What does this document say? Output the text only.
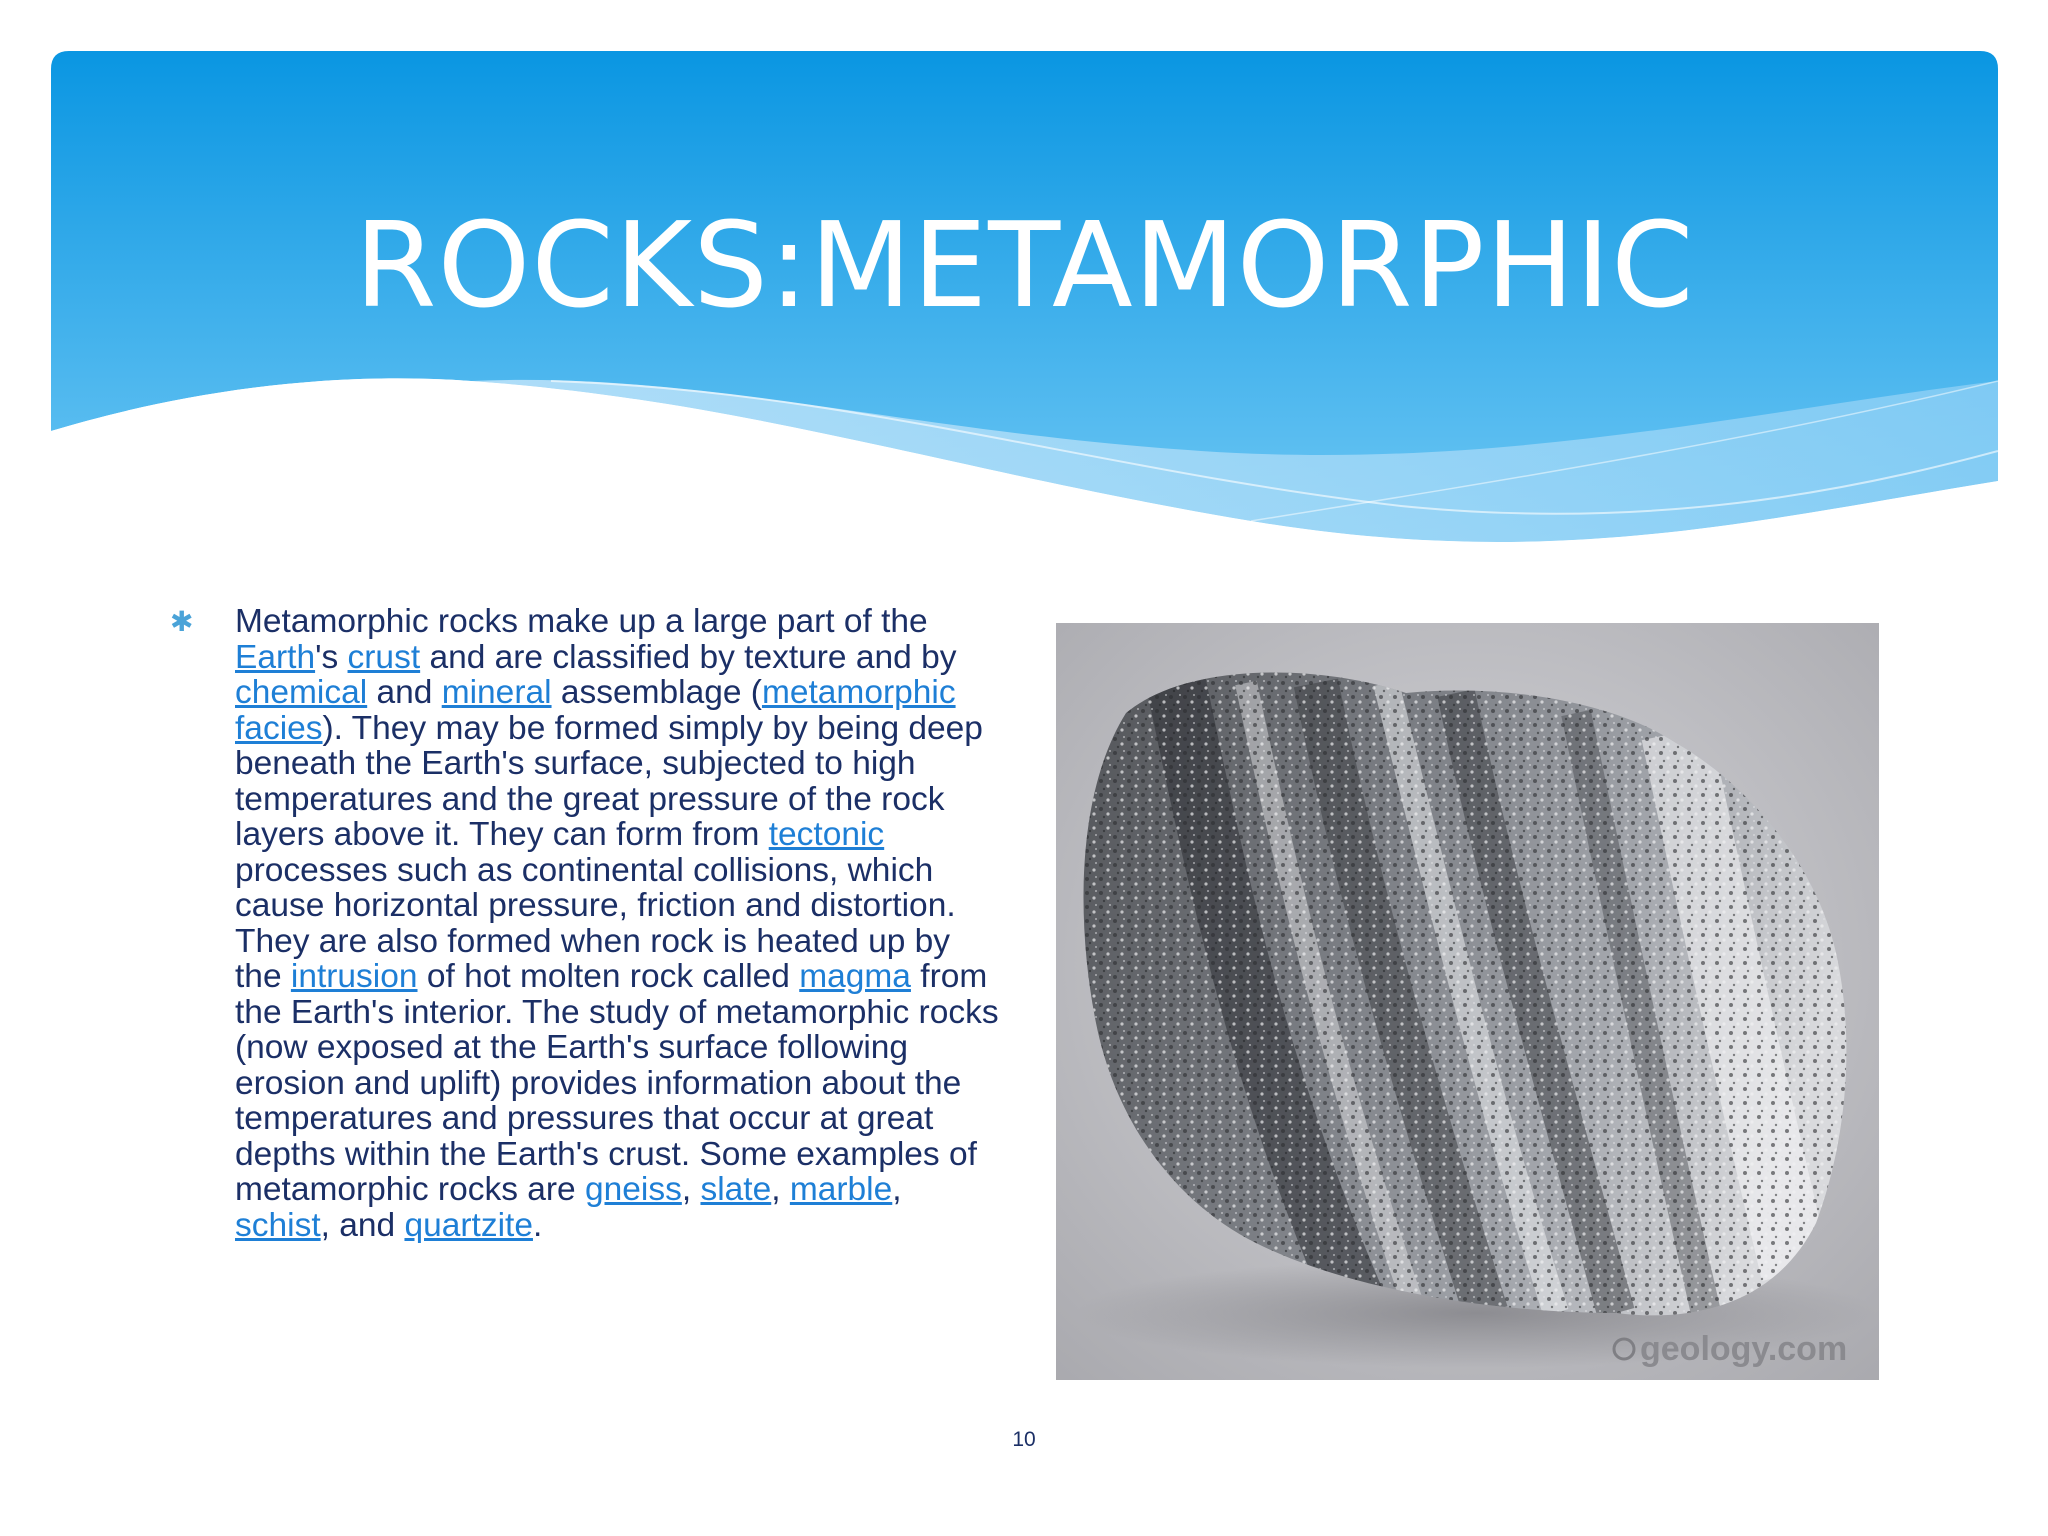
ROCKS:METAMORPHIC
✱ Metamorphic rocks make up a large part of the Earth's crust and are classified by texture and by chemical and mineral assemblage (metamorphic facies). They may be formed simply by being deep beneath the Earth's surface, subjected to high temperatures and the great pressure of the rock layers above it. They can form from tectonic processes such as continental collisions, which cause horizontal pressure, friction and distortion. They are also formed when rock is heated up by the intrusion of hot molten rock called magma from the Earth's interior. The study of metamorphic rocks (now exposed at the Earth's surface following erosion and uplift) provides information about the temperatures and pressures that occur at great depths within the Earth's crust. Some examples of metamorphic rocks are gneiss, slate, marble, schist, and quartzite.

geology.com
10
